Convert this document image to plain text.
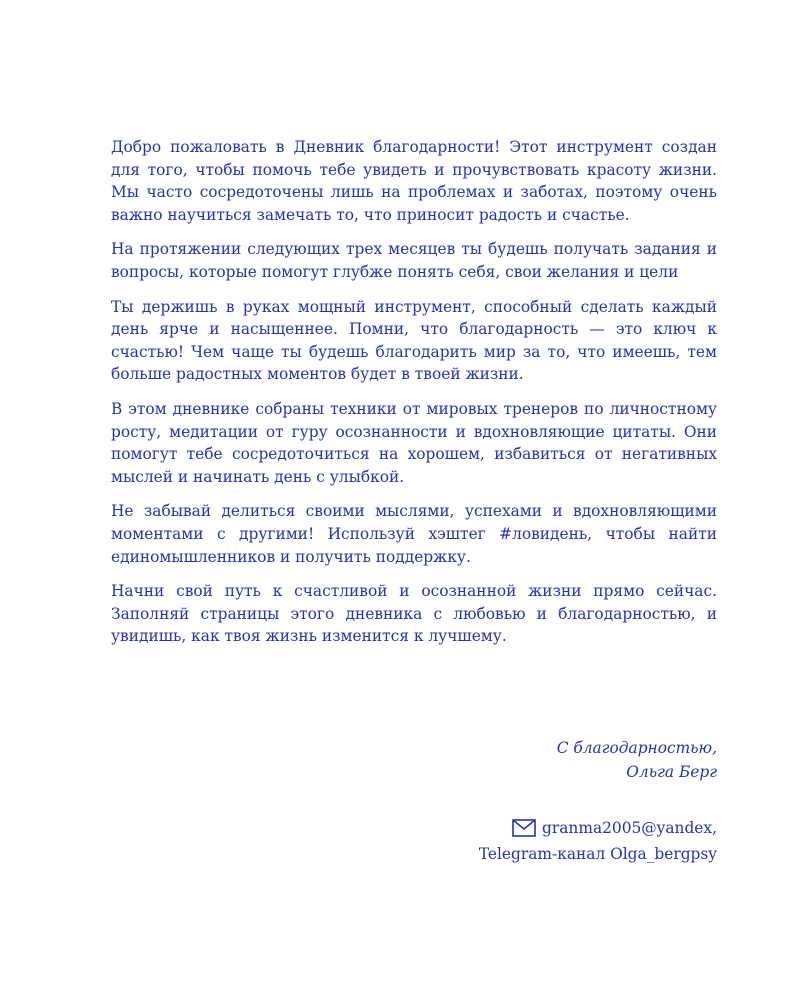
Добро пожаловать в Дневник благодарности! Этот инструмент создан для того, чтобы помочь тебе увидеть и прочувствовать красоту жизни. Мы часто сосредоточены лишь на проблемах и заботах, поэтому очень важно научиться замечать то, что приносит радость и счастье.

На протяжении следующих трех месяцев ты будешь получать задания и вопросы, которые помогут глубже понять себя, свои желания и цели

Ты держишь в руках мощный инструмент, способный сделать каждый день ярче и насыщеннее. Помни, что благодарность — это ключ к счастью! Чем чаще ты будешь благодарить мир за то, что имеешь, тем больше радостных моментов будет в твоей жизни.

В этом дневнике собраны техники от мировых тренеров по личностному росту, медитации от гуру осознанности и вдохновляющие цитаты. Они помогут тебе сосредоточиться на хорошем, избавиться от негативных мыслей и начинать день с улыбкой.

Не забывай делиться своими мыслями, успехами и вдохновляющими моментами с другими! Используй хэштег #ловидень, чтобы найти единомышленников и получить поддержку.

Начни свой путь к счастливой и осознанной жизни прямо сейчас. Заполняй страницы этого дневника с любовью и благодарностью, и увидишь, как твоя жизнь изменится к лучшему.

С благодарностью,
Ольга Берг
granma2005@yandex,
Telegram-канал Olga_bergpsy
